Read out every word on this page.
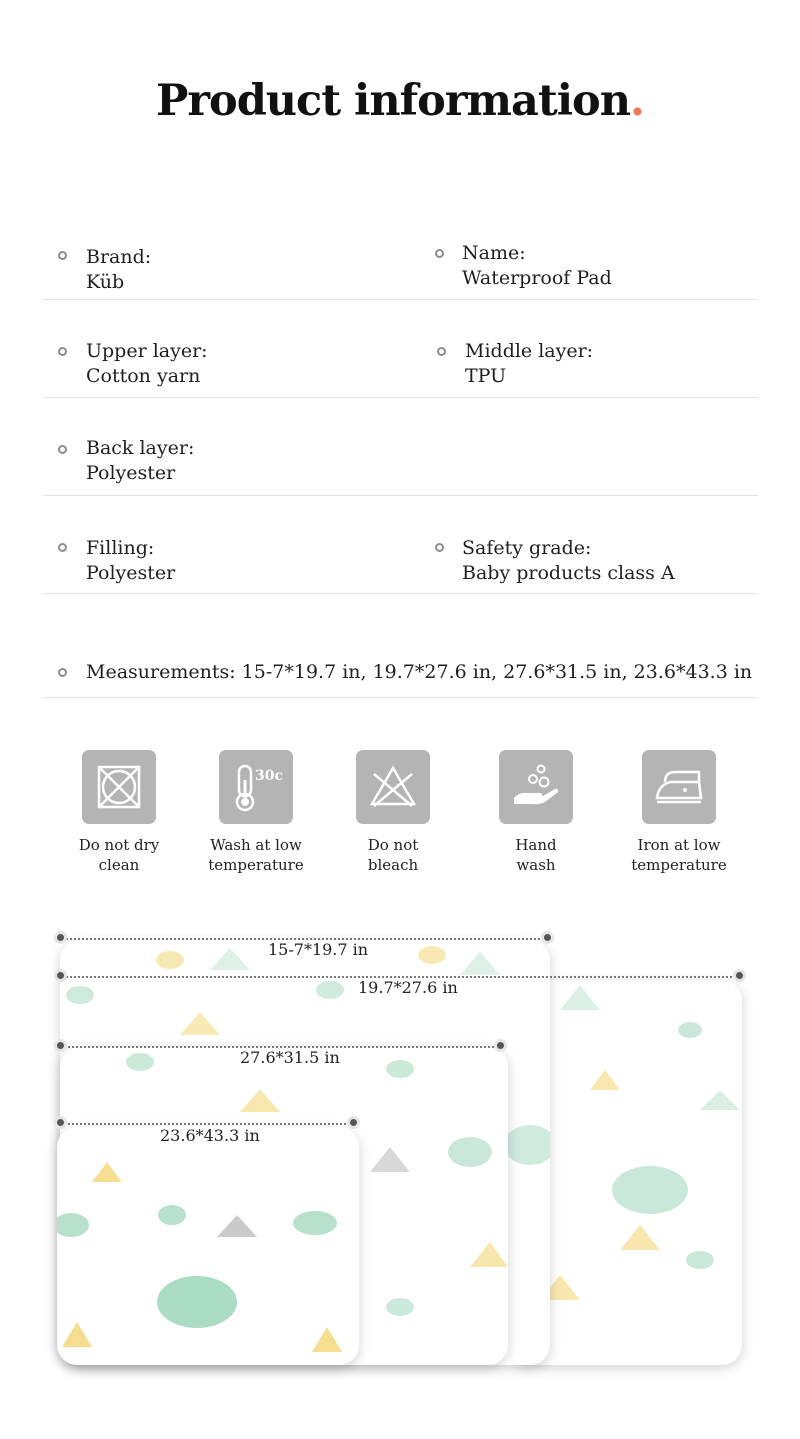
Product information.
Brand:
Küb
Name:
Waterproof Pad
Upper layer:
Cotton yarn
Middle layer:
TPU
Back layer:
Polyester
Filling:
Polyester
Safety grade:
Baby products class A
Measurements: 15-7*19.7 in, 19.7*27.6 in, 27.6*31.5 in, 23.6*43.3 in
Do not dry
clean
30c
Wash at low
temperature
Do not
bleach
Hand
wash
Iron at low
temperature
15-7*19.7 in
19.7*27.6 in
27.6*31.5 in
23.6*43.3 in
